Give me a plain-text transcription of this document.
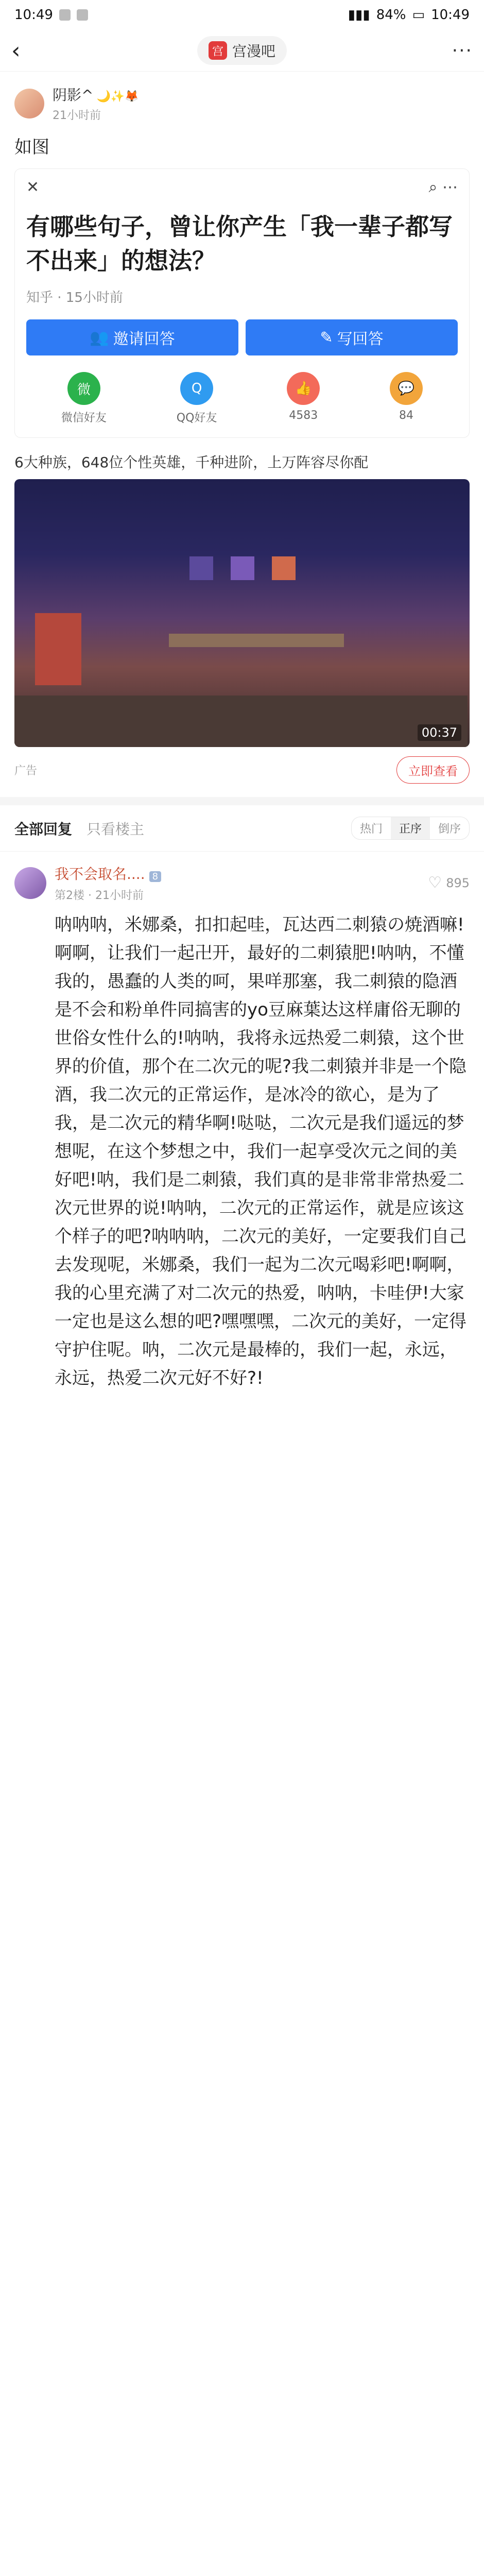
10:49	▮▮▮ 84% ▭ 10:49
‹	宫 宫漫吧	···
阴影^ 🌙✨🦊
21小时前
如图
✕	⌕ ⋯
有哪些句子，曾让你产生「我一辈子都写不出来」的想法？
知乎 · 15小时前
👥 邀请回答	✎ 写回答
微
微信好友
Q
QQ好友
👍
4583
💬
84
6大种族，648位个性英雄，千种进阶，上万阵容尽你配
00:37
广告	立即查看
全部回复 只看楼主	热门	正序	倒序
我不会取名.... 8
第2楼 · 21小时前
♡ 895
呐呐呐，米娜桑，扣扣起哇，瓦达西二刺猿の焼酒嘛!啊啊，让我们一起卍开，最好的二刺猿肥!呐呐，不懂我的，愚蠢的人类的呵，果咩那塞，我二刺猿的隐酒是不会和粉单件同搞害的yo豆麻葉达这样庸俗无聊的世俗女性什么的!呐呐，我将永远热爱二刺猿，这个世界的价值，那个在二次元的呢?我二刺猿并非是一个隐酒，我二次元的正常运作，是冰冷的欲心，是为了我，是二次元的精华啊!哒哒，二次元是我们遥远的梦想呢，在这个梦想之中，我们一起享受次元之间的美好吧!呐，我们是二刺猿，我们真的是非常非常热爱二次元世界的说!呐呐，二次元的正常运作，就是应该这个样子的吧?呐呐呐，二次元的美好，一定要我们自己去发现呢，米娜桑，我们一起为二次元喝彩吧!啊啊，我的心里充满了对二次元的热爱，呐呐，卡哇伊!大家一定也是这么想的吧?嘿嘿嘿，二次元的美好，一定得守护住呢。呐，二次元是最棒的，我们一起，永远，永远，热爱二次元好不好?!
